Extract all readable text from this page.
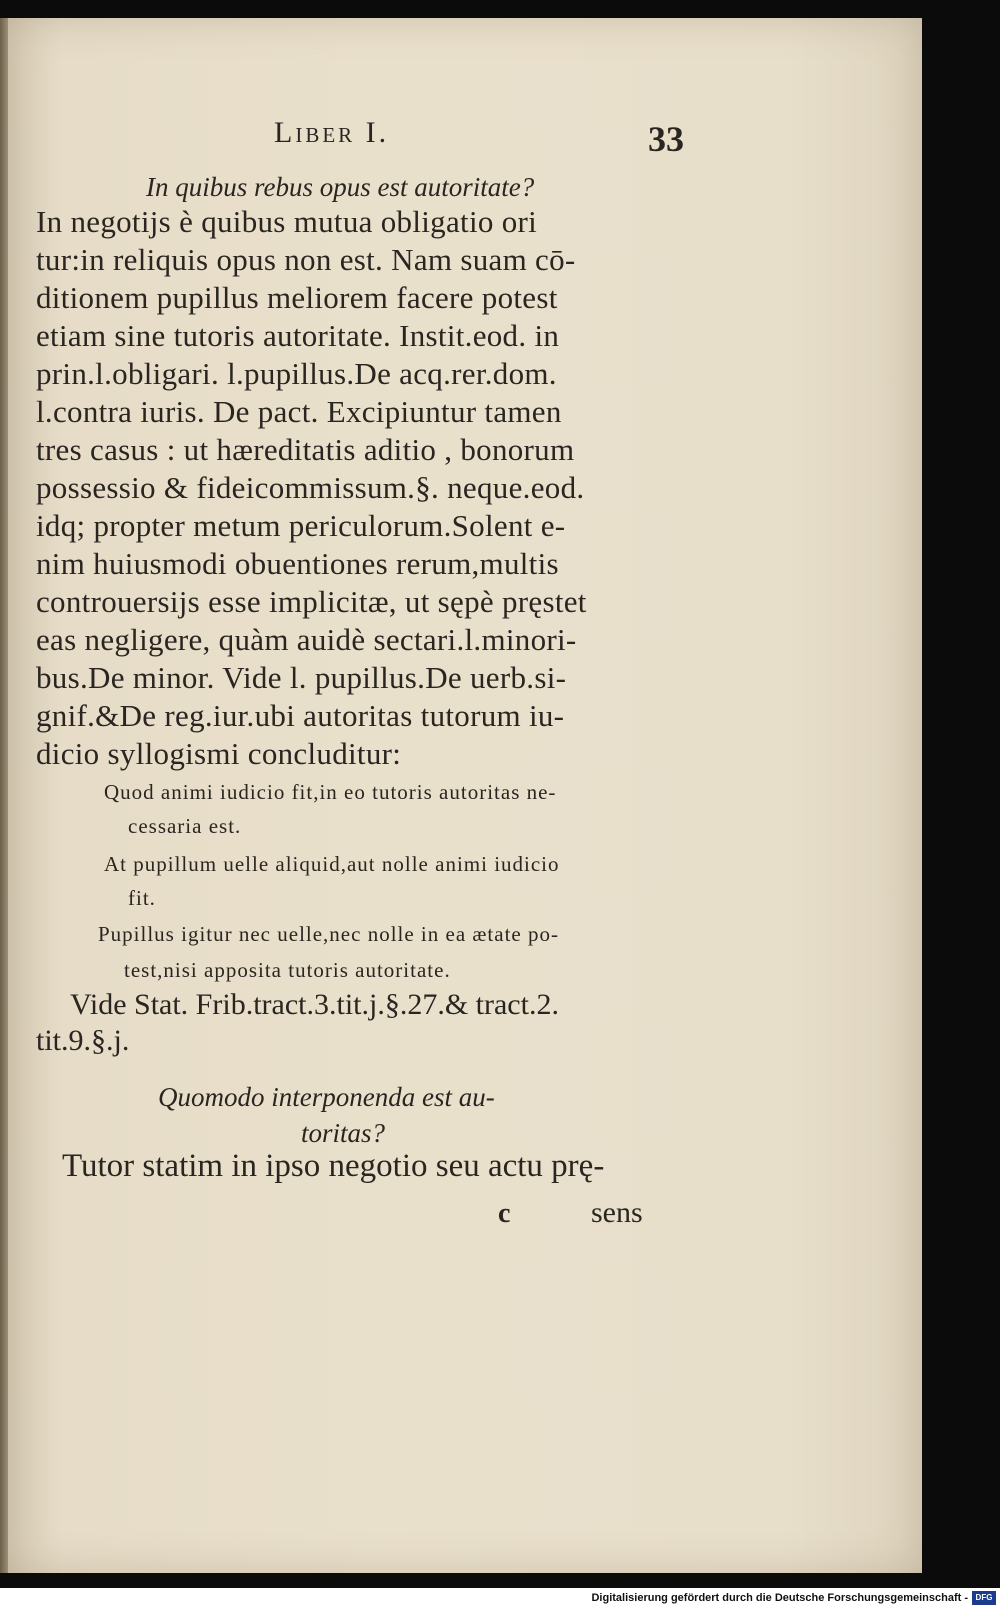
Liber I.	33
In quibus rebus opus est autoritate?
In negotijs è quibus mutua obligatio ori
tur:in reliquis opus non est. Nam suam cō-
ditionem pupillus meliorem facere potest
etiam sine tutoris autoritate. Instit.eod. in
prin.l.obligari. l.pupillus.De acq.rer.dom.
l.contra iuris. De pact. Excipiuntur tamen
tres casus : ut hæreditatis aditio , bonorum
possessio & fideicommissum.§. neque.eod.
idq; propter metum periculorum.Solent e-
nim huiusmodi obuentiones rerum,multis
controuersijs esse implicitæ, ut sępè pręstet
eas negligere, quàm auidè sectari.l.minori-
bus.De minor. Vide l. pupillus.De uerb.si-
gnif.&De reg.iur.ubi autoritas tutorum iu-
dicio syllogismi concluditur:
Quod animi iudicio fit,in eo tutoris autoritas ne-
cessaria est.
At pupillum uelle aliquid,aut nolle animi iudicio
fit.
Pupillus igitur nec uelle,nec nolle in ea ætate po-
test,nisi apposita tutoris autoritate.
Vide Stat. Frib.tract.3.tit.j.§.27.& tract.2.
tit.9.§.j.
Quomodo interponenda est au-
toritas?
Tutor statim in ipso negotio seu actu prę-
c	sens
Digitalisierung gefördert durch die Deutsche Forschungsgemeinschaft - DFG
